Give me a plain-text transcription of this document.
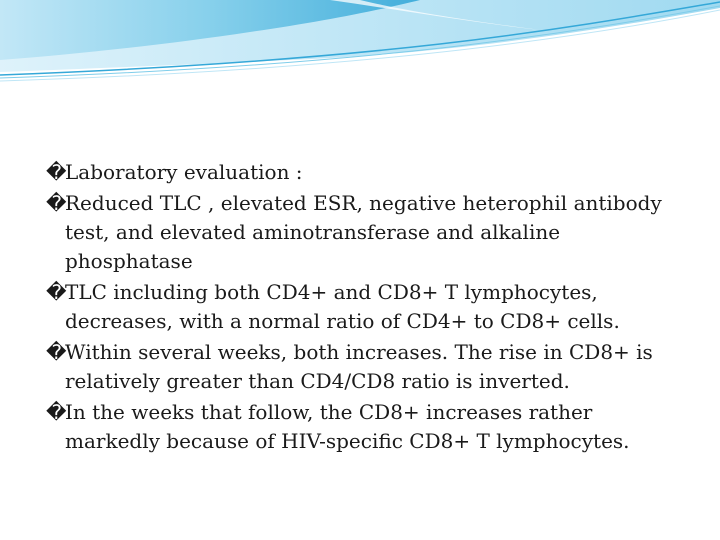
�
Laboratory evaluation :
�
Reduced TLC , elevated ESR, negative heterophil antibody test, and elevated aminotransferase and alkaline phosphatase
�
TLC including both CD4+ and CD8+ T lymphocytes, decreases, with a normal ratio of CD4+ to CD8+ cells.
�
Within several weeks, both increases. The rise in CD8+ is relatively greater than CD4/CD8 ratio is inverted.
�
In the weeks that follow, the CD8+ increases rather markedly because of HIV-specific CD8+ T lymphocytes.
